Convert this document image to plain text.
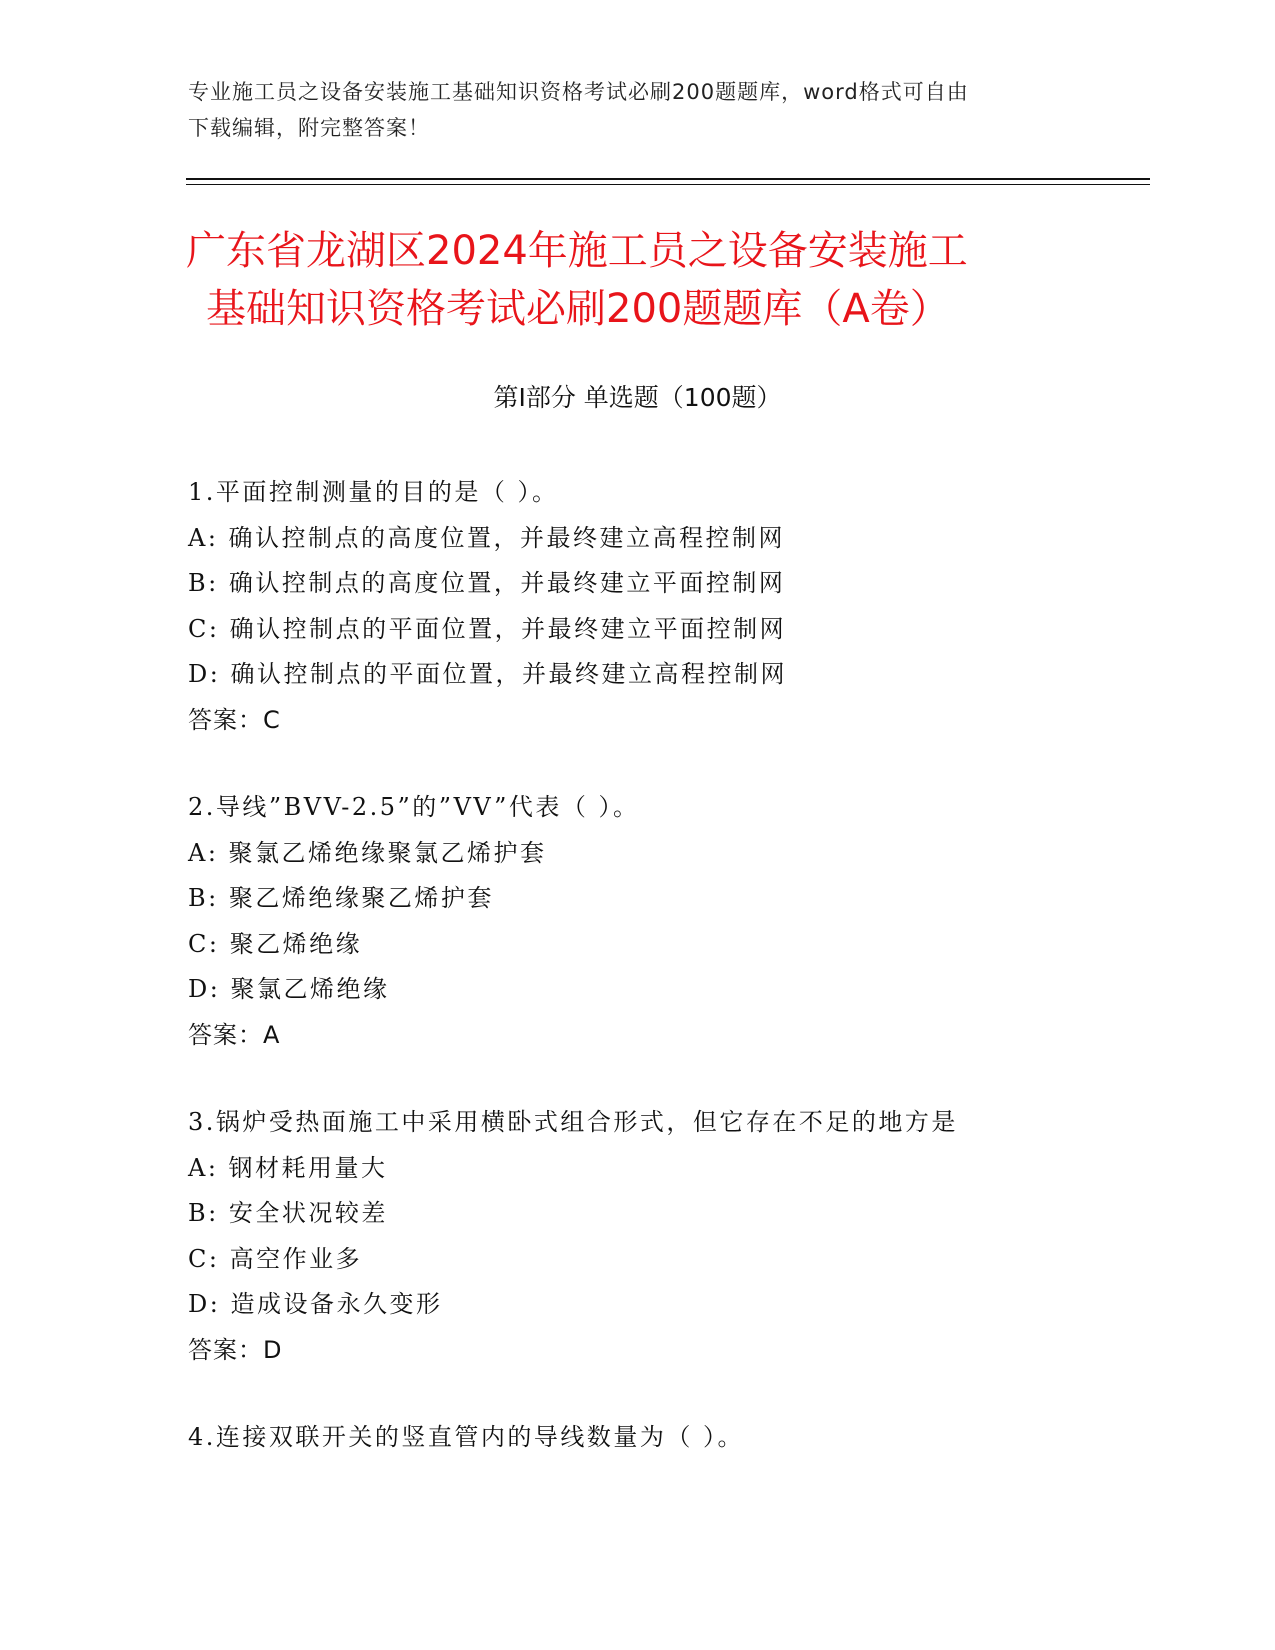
专业施工员之设备安装施工基础知识资格考试必刷200题题库，word格式可自由
下载编辑，附完整答案！
广东省龙湖区2024年施工员之设备安装施工
基础知识资格考试必刷200题题库（A卷）
第Ⅰ部分 单选题（100题）
1.平面控制测量的目的是（ ）。
A: 确认控制点的高度位置，并最终建立高程控制网
B: 确认控制点的高度位置，并最终建立平面控制网
C: 确认控制点的平面位置，并最终建立平面控制网
D: 确认控制点的平面位置，并最终建立高程控制网
答案：C
2.导线”BVV-2.5”的”VV”代表（ ）。
A: 聚氯乙烯绝缘聚氯乙烯护套
B: 聚乙烯绝缘聚乙烯护套
C: 聚乙烯绝缘
D: 聚氯乙烯绝缘
答案：A
3.锅炉受热面施工中采用横卧式组合形式，但它存在不足的地方是
A: 钢材耗用量大
B: 安全状况较差
C: 高空作业多
D: 造成设备永久变形
答案：D
4.连接双联开关的竖直管内的导线数量为（ ）。
